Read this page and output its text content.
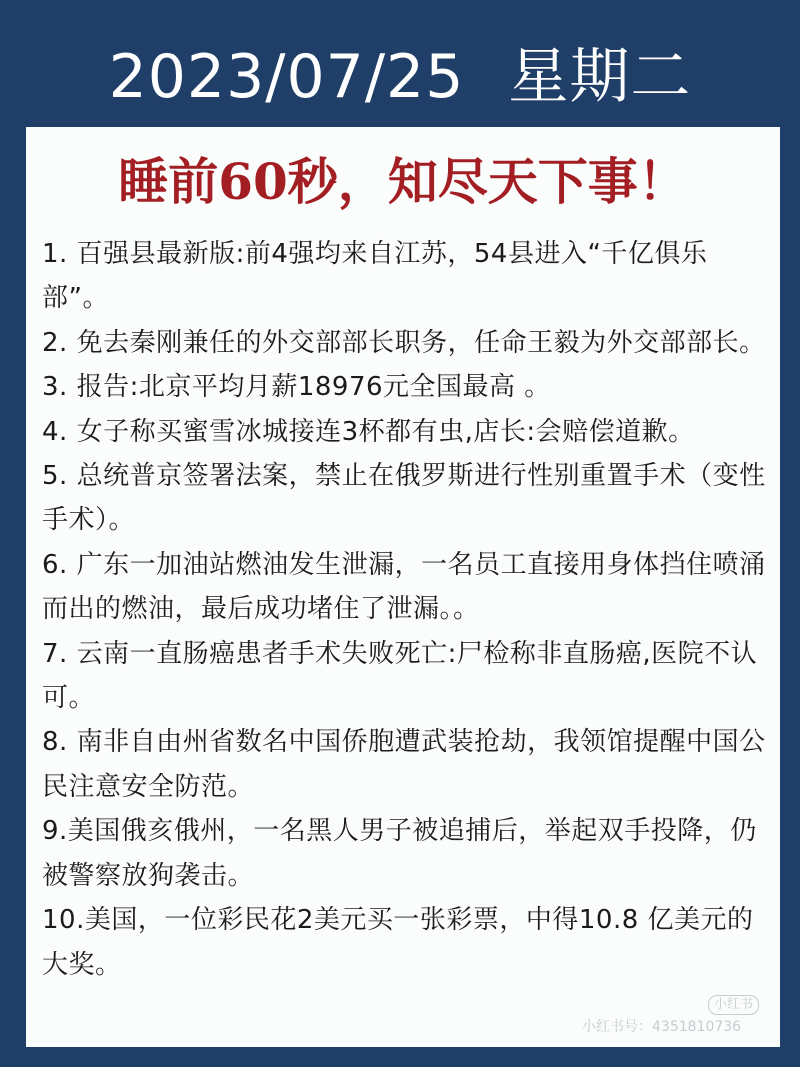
2023/07/25 星期二
睡前60秒，知尽天下事！
1. 百强县最新版:前4强均来自江苏，54县进入“千亿俱乐部”。
2. 免去秦刚兼任的外交部部长职务，任命王毅为外交部部长。
3. 报告:北京平均月薪18976元全国最高 。
4. 女子称买蜜雪冰城接连3杯都有虫,店长:会赔偿道歉。
5. 总统普京签署法案，禁止在俄罗斯进行性别重置手术（变性手术）。
6. 广东一加油站燃油发生泄漏，一名员工直接用身体挡住喷涌而出的燃油，最后成功堵住了泄漏。。
7. 云南一直肠癌患者手术失败死亡:尸检称非直肠癌,医院不认可。
8. 南非自由州省数名中国侨胞遭武装抢劫，我领馆提醒中国公民注意安全防范。
9.美国俄亥俄州，一名黑人男子被追捕后，举起双手投降，仍被警察放狗袭击。
10.美国，一位彩民花2美元买一张彩票，中得10.8 亿美元的大奖。
小红书
小红书号：4351810736
